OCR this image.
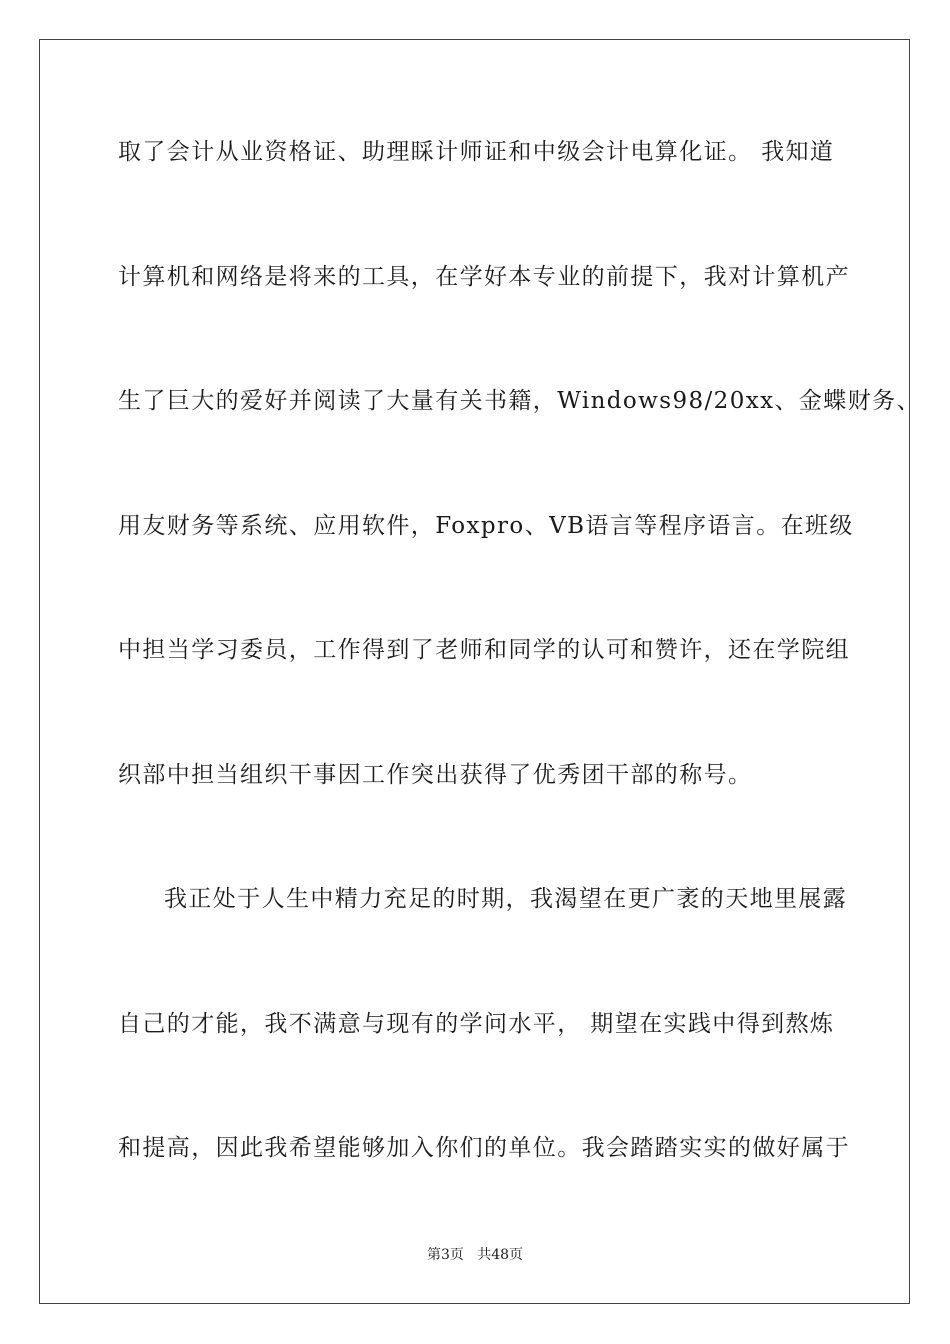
取了会计从业资格证、助理睬计师证和中级会计电算化证。 我知道
计算机和网络是将来的工具，在学好本专业的前提下，我对计算机产
生了巨大的爱好并阅读了大量有关书籍，Windows98/20xx、金蝶财务、
用友财务等系统、应用软件，Foxpro、VB语言等程序语言。在班级
中担当学习委员，工作得到了老师和同学的认可和赞许，还在学院组
织部中担当组织干事因工作突出获得了优秀团干部的称号。
我正处于人生中精力充足的时期，我渴望在更广袤的天地里展露
自己的才能，我不满意与现有的学问水平， 期望在实践中得到熬炼
和提高，因此我希望能够加入你们的单位。我会踏踏实实的做好属于
第3页   共48页
